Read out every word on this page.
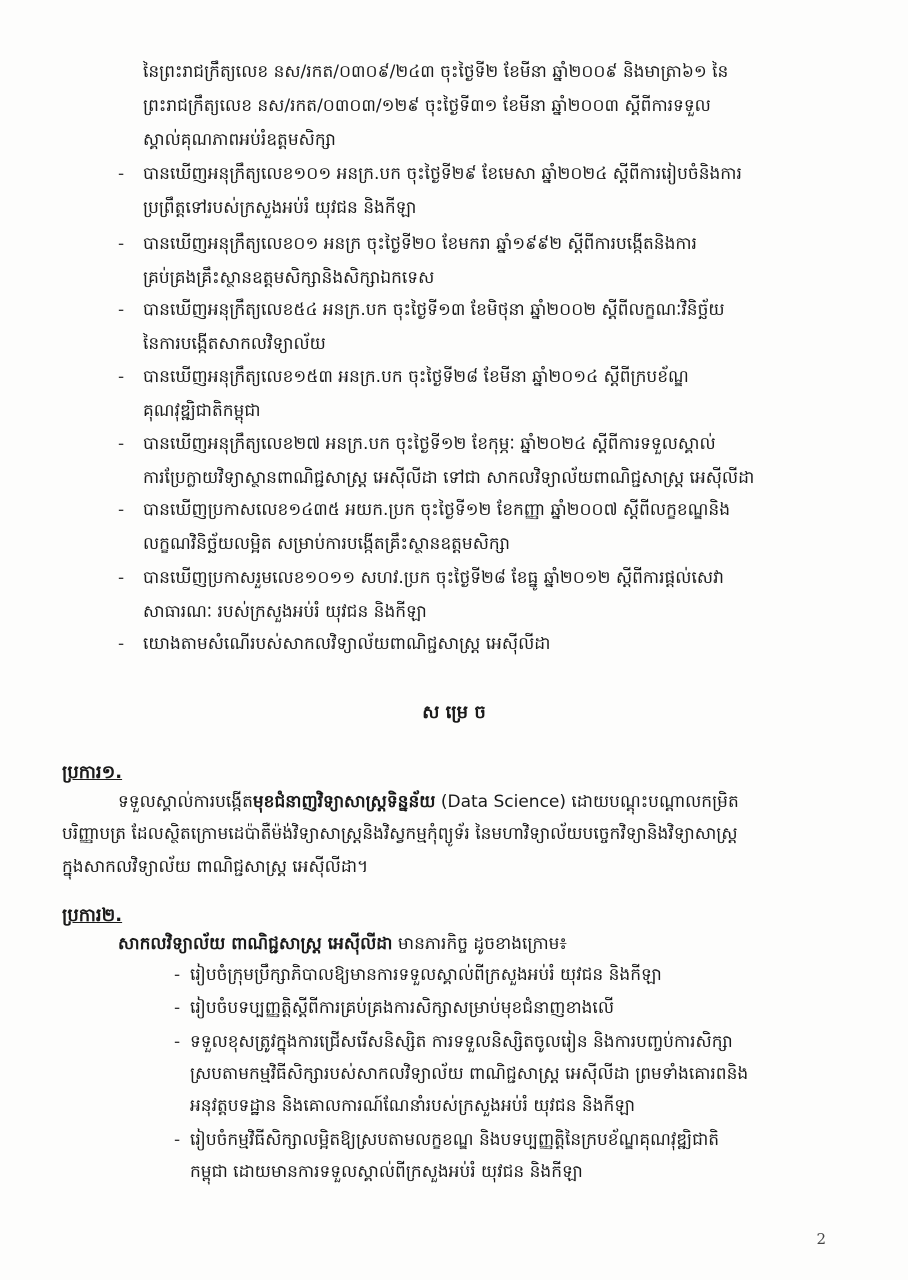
នៃព្រះរាជក្រឹត្យលេខ នស/រកត/០៣០៩/២៤៣ ចុះថ្ងៃទី២ ខែមីនា ឆ្នាំ២០០៩ និងមាត្រា៦១ នៃ
ព្រះរាជក្រឹត្យលេខ នស/រកត/០៣០៣/១២៩ ចុះថ្ងៃទី៣១ ខែមីនា ឆ្នាំ២០០៣ ស្តីពីការទទួល
ស្គាល់គុណភាពអប់រំឧត្តមសិក្សា
- បានឃើញអនុក្រឹត្យលេខ១០១ អនក្រ.បក ចុះថ្ងៃទី២៩ ខែមេសា ឆ្នាំ២០២៤ ស្តីពីការរៀបចំនិងការ
ប្រព្រឹត្តទៅរបស់ក្រសួងអប់រំ យុវជន និងកីឡា
- បានឃើញអនុក្រឹត្យលេខ០១ អនក្រ ចុះថ្ងៃទី២០ ខែមករា ឆ្នាំ១៩៩២ ស្តីពីការបង្កើតនិងការ
គ្រប់គ្រងគ្រឹះស្ថានឧត្តមសិក្សានិងសិក្សាឯកទេស
- បានឃើញអនុក្រឹត្យលេខ៥៤ អនក្រ.បក ចុះថ្ងៃទី១៣ ខែមិថុនា ឆ្នាំ២០០២ ស្តីពីលក្ខណៈវិនិច្ឆ័យ
នៃការបង្កើតសាកលវិទ្យាល័យ
- បានឃើញអនុក្រឹត្យលេខ១៥៣ អនក្រ.បក ចុះថ្ងៃទី២៨ ខែមីនា ឆ្នាំ២០១៤ ស្តីពីក្របខ័ណ្ឌ
គុណវុឌ្ឍិជាតិកម្ពុជា
- បានឃើញអនុក្រឹត្យលេខ២៧ អនក្រ.បក ចុះថ្ងៃទី១២ ខែកុម្ភៈ ឆ្នាំ២០២៤ ស្តីពីការទទួលស្គាល់
ការប្រែក្លាយវិទ្យាស្ថានពាណិជ្ជសាស្ត្រ អេស៊ីលីដា ទៅជា សាកលវិទ្យាល័យពាណិជ្ជសាស្ត្រ អេស៊ីលីដា
- បានឃើញប្រកាសលេខ១៤៣៥ អយក.ប្រក ចុះថ្ងៃទី១២ ខែកញ្ញា ឆ្នាំ២០០៧ ស្តីពីលក្ខខណ្ឌនិង
លក្ខណវិនិច្ឆ័យលម្អិត សម្រាប់ការបង្កើតគ្រឹះស្ថានឧត្តមសិក្សា
- បានឃើញប្រកាសរួមលេខ១០១១ សហវ.ប្រក ចុះថ្ងៃទី២៨ ខែធ្នូ ឆ្នាំ២០១២ ស្តីពីការផ្តល់សេវា
សាធារណៈ របស់ក្រសួងអប់រំ យុវជន និងកីឡា
- យោងតាមសំណើរបស់សាកលវិទ្យាល័យពាណិជ្ជសាស្ត្រ អេស៊ីលីដា
ស ម្រេ ច
ប្រការ១.
ទទួលស្គាល់ការបង្កើតមុខជំនាញវិទ្យាសាស្ត្រទិន្នន័យ (Data Science) ដោយបណ្តុះបណ្តាលកម្រិត
បរិញ្ញាបត្រ ដែលស្ថិតក្រោមដេប៉ាតឺម៉ង់វិទ្យាសាស្ត្រនិងវិស្វកម្មកុំព្យូទ័រ នៃមហាវិទ្យាល័យបច្ចេកវិទ្យានិងវិទ្យាសាស្ត្រ
ក្នុងសាកលវិទ្យាល័យ ពាណិជ្ជសាស្ត្រ អេស៊ីលីដា។
ប្រការ២.
សាកលវិទ្យាល័យ ពាណិជ្ជសាស្ត្រ អេស៊ីលីដា មានភារកិច្ច ដូចខាងក្រោម៖
- រៀបចំក្រុមប្រឹក្សាភិបាលឱ្យមានការទទួលស្គាល់ពីក្រសួងអប់រំ យុវជន និងកីឡា
- រៀបចំបទប្បញ្ញត្តិស្តីពីការគ្រប់គ្រងការសិក្សាសម្រាប់មុខជំនាញខាងលើ
- ទទួលខុសត្រូវក្នុងការជ្រើសរើសនិស្សិត ការទទួលនិស្សិតចូលរៀន និងការបញ្ចប់ការសិក្សា
ស្របតាមកម្មវិធីសិក្សារបស់សាកលវិទ្យាល័យ ពាណិជ្ជសាស្ត្រ អេស៊ីលីដា ព្រមទាំងគោរពនិង
អនុវត្តបទដ្ឋាន និងគោលការណ៍ណែនាំរបស់ក្រសួងអប់រំ យុវជន និងកីឡា
- រៀបចំកម្មវិធីសិក្សាលម្អិតឱ្យស្របតាមលក្ខខណ្ឌ និងបទប្បញ្ញត្តិនៃក្របខ័ណ្ឌគុណវុឌ្ឍិជាតិ
កម្ពុជា ដោយមានការទទួលស្គាល់ពីក្រសួងអប់រំ យុវជន និងកីឡា
2
